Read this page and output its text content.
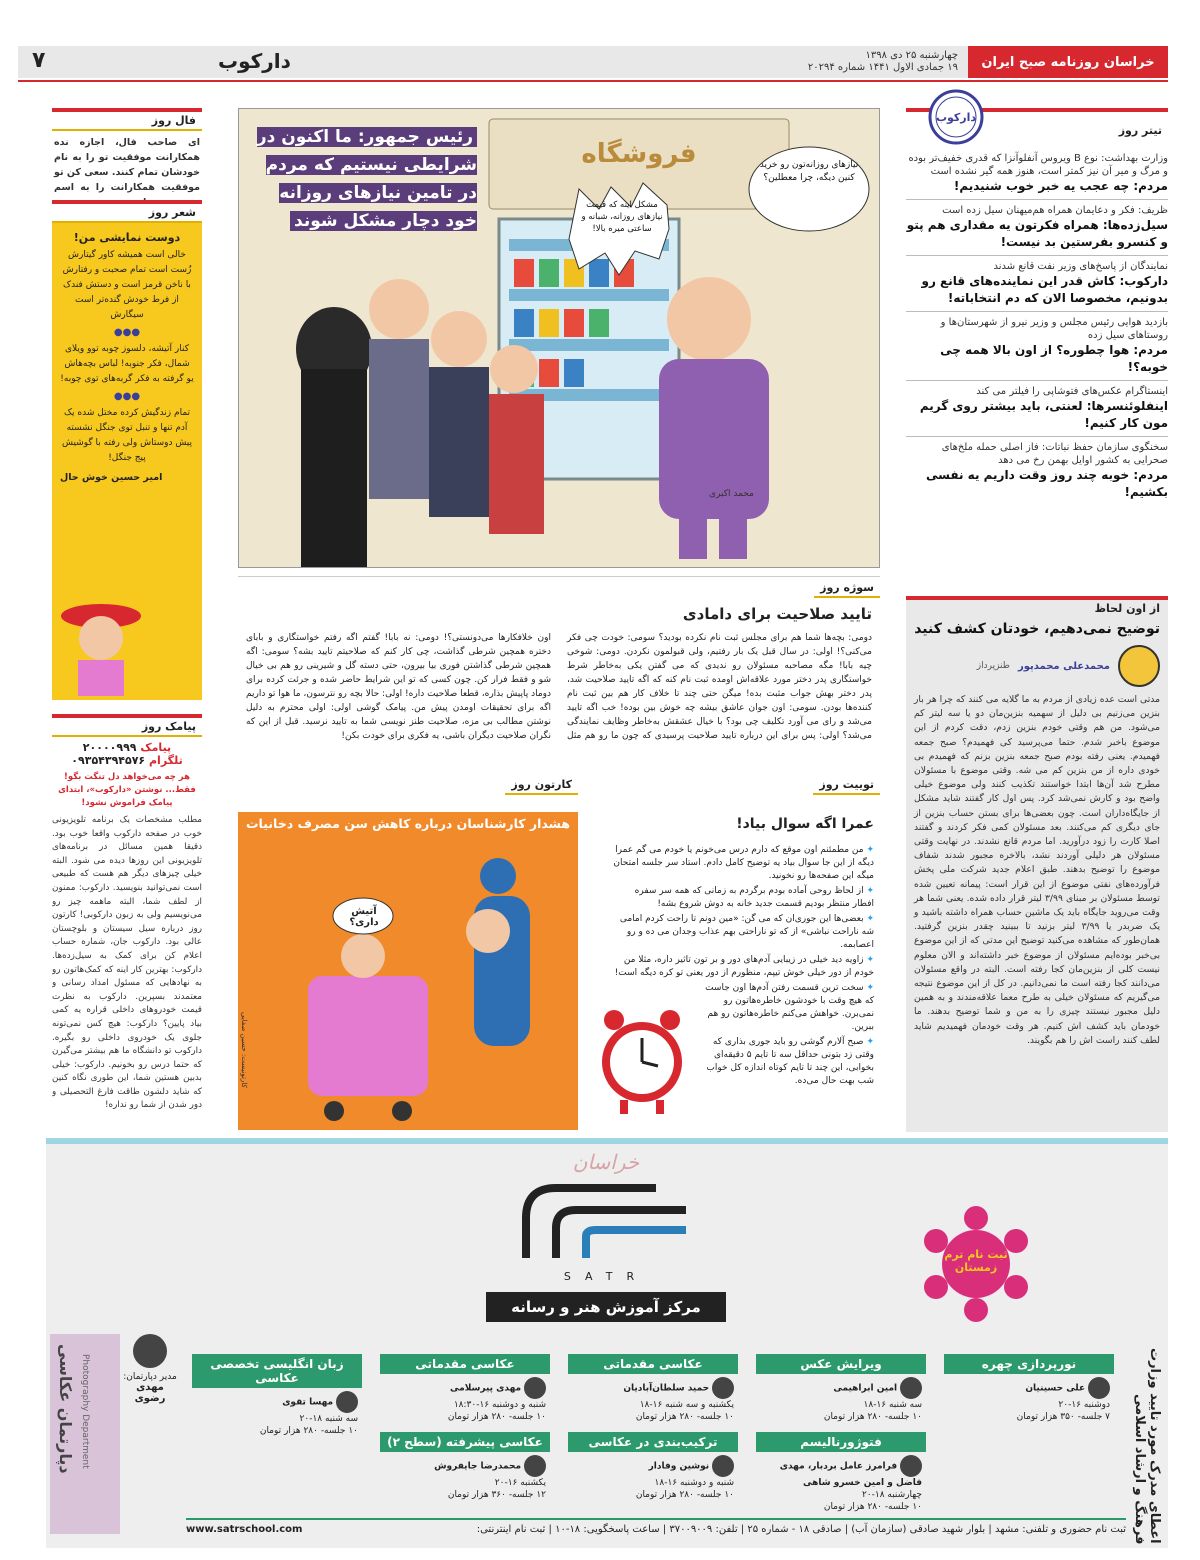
خراسان روزنامه صبح ایران
چهارشنبه ۲۵ دی ۱۳۹۸
۱۹ جمادی الاول ۱۴۴۱ شماره ۲۰۲۹۴
دارکوب
۷
تیتر روز
دارکوب
وزارت بهداشت: نوع B ویروس آنفلوآنزا که قدری خفیف‌تر بوده و مرگ و میر آن نیز کمتر است، هنوز همه گیر نشده است
مردم: چه عجب یه خبر خوب شنیدیم!
ظریف: فکر و دعایمان همراه هم‌میهنان سیل زده است
سیل‌زده‌ها: همراه فکرتون یه مقداری هم پتو و کنسرو بفرستین بد نیست!
نمایندگان از پاسخ‌های وزیر نفت قانع شدند
دارکوب: کاش قدر این نماینده‌های قانع رو بدونیم، مخصوصا الان که دم انتخاباته!
بازدید هوایی رئیس مجلس و وزیر نیرو از شهرستان‌ها و روستاهای سیل زده
مردم: هوا چطوره؟ از اون بالا همه چی خوبه؟!
اینستاگرام عکس‌های فتوشاپی را فیلتر می کند
اینفلوئنسرها: لعنتی، باید بیشتر روی گریم مون کار کنیم!
سخنگوی سازمان حفظ نباتات: فاز اصلی حمله ملخ‌های صحرایی به کشور اوایل بهمن رخ می دهد
مردم: خوبه چند روز وقت داریم یه نفسی بکشیم!
از اون لحاظ
توضیح نمی‌دهیم، خودتان کشف کنید
محمدعلی محمدپور
طنزپرداز
مدتی است عده زیادی از مردم به ما گلایه می کنند که چرا هر بار بنزین می‌زنیم بی دلیل از سهمیه بنزین‌مان دو یا سه لیتر کم می‌شود. من هم وقتی خودم بنزین زدم، دقت کردم از این موضوع باخبر شدم. حتما می‌پرسید کی فهمیدم؟ صبح جمعه فهمیدم. یعنی رفته بودم صبح جمعه بنزین بزنم که فهمیدم بی خودی داره از من بنزین کم می شه. وقتی موضوع با مسئولان مطرح شد آن‌ها ابتدا خواستند تکذیب کنند ولی موضوع خیلی واضح بود و کارش نمی‌شد کرد. پس اول کار گفتند شاید مشکل از جایگاه‌داران است. چون بعضی‌ها برای بستن حساب بنزین از جای دیگری کم می‌کنند. بعد مسئولان کمی فکر کردند و گفتند اصلا کارت را زود درآورید. اما مردم قانع نشدند. در نهایت وقتی مسئولان هر دلیلی آوردند نشد، بالاخره مجبور شدند شفاف موضوع را توضیح بدهند. طبق اعلام جدید شرکت ملی پخش فرآورده‌های نفتی موضوع از این قرار است: پیمانه تعیین شده توسط مسئولان بر مبنای ۳/۹۹ لیتر قرار داده شده. یعنی شما هر وقت می‌روید جایگاه باید یک ماشین حساب همراه داشته باشید و یک ضربدر یا ۳/۹۹ لیتر بزنید تا ببینید چقدر بنزین گرفتید. همان‌طور که مشاهده می‌کنید توضیح این مدتی که از این موضوع بی‌خبر بوده‌ایم مسئولان از موضوع خبر داشته‌اند و الان معلوم نیست کلی از بنزین‌مان کجا رفته است. البته در واقع مسئولان می‌دانند کجا رفته است ما نمی‌دانیم. در کل از این موضوع نتیجه می‌گیریم که مسئولان خیلی به طرح معما علاقه‌مندند و به همین دلیل مجبور نیستند چیزی را به من و شما توضیح بدهند. ما خودمان باید کشف اش کنیم. هر وقت خودمان فهمیدیم شاید لطف کنند راست اش را هم بگویند.
رئیس جمهور: ما اکنون در شرایطی نیستیم که مردم در تامین نیازهای روزانه خود دچار مشکل شوند
فروشگاه	نیازهای روزانه‌تون رو خرید کنین دیگه، چرا معطلین؟
مشکل اینه که قیمت نیازهای روزانه، شبانه و ساعتی میره بالا!
محمد اکبری
سوژه روز
تایید صلاحیت برای دامادی
دومی: بچه‌ها شما هم برای مجلس ثبت نام نکرده بودید؟ سومی: خودت چی فکر می‌کنی؟! اولی: در سال قبل یک بار رفتیم، ولی قبولمون نکردن. دومی: شوخی چیه بابا! مگه مصاحبه مسئولان رو ندیدی که می گفتن یکی به‌خاطر شرط خواستگاری پدر دختر مورد علاقه‌اش اومده ثبت نام کنه که اگه تایید صلاحیت شد، پدر دختر بهش جواب مثبت بده! میگن حتی چند تا خلاف کار هم بین ثبت نام کننده‌ها بودن. سومی: اون جوان عاشق بیشه چه خوش بین بوده! خب اگه تایید می‌شد و رای می آورد تکلیف چی بود؟ با خیال عشقش به‌خاطر وظایف نمایندگی می‌شد؟ اولی: پس برای این درباره تایید صلاحیت پرسیدی که چون ما رو هم مثل اون خلافکارها می‌دونستی؟! دومی: نه بابا! گفتم اگه رفتم خواستگاری و بابای دختره همچین شرطی گذاشت، چی کار کنم که صلاحیتم تایید بشه؟ سومی: اگه همچین شرطی گذاشتن فوری بیا بیرون، حتی دسته گل و شیرینی رو هم بی خیال شو و فقط فرار کن. چون کسی که تو این شرایط حاضر شده و جرئت کرده برای دوماد پاپیش بذاره، قطعا صلاحیت داره! اولی: حالا بچه رو نترسون، ما هوا تو داریم اگه برای تحقیقات اومدن پیش من. پیامک گوشی اولی: اولی محترم به دلیل نوشتن مطالب بی مزه، صلاحیت طنز نویسی شما به تایید نرسید. قبل از این که نگران صلاحیت دیگران باشی، یه فکری برای خودت بکن!
توییت روز
عمرا اگه سوال بیاد!
✦ من مطمئنم اون موقع که دارم درس می‌خونم یا خودم می گم عمرا دیگه از این جا سوال بیاد یه توضیح کامل دادم. استاد سر جلسه امتحان میگه این صفحه‌ها رو نخونید.
✦ از لحاظ روحی آماده بودم برگردم به زمانی که همه سر سفره افطار منتظر بودیم قسمت جدید خانه به دوش شروع بشه!
✦ بعضی‌ها این جوری‌ان که می گن: «مین دونم تا راحت کردم امامی شه ناراحت نباشی» از که تو ناراحتی بهم عذاب وجدان می ده و رو اعصابمه.
✦ زاویه دید خیلی در زیبایی آدم‌های دور و بر تون تاثیر داره، مثلا من خودم از دور خیلی خوش تیپم، منظورم از دور یعنی تو کره دیگه است!
✦ سخت ترین قسمت رفتن آدم‌ها اون جاست که هیچ وقت با خودشون خاطره‌هاتون رو نمی‌برن. خواهش می‌کنم خاطره‌هاتون رو هم ببرین.
✦ صبح آلارم گوشی رو باید جوری بذاری که وقتی زد بتونی حداقل سه تا تایم ۵ دقیقه‌ای بخوابی، این چند تا تایم کوتاه اندازه کل خواب شب بهت حال می‌ده.
کارتون روز
هشدار کارشناسان درباره کاهش سن مصرف دخانیات
آتیش داری؟
کارتونیست: حسین صفایی
فال روز
ای صاحب فال، اجازه نده همکارانت موفقیت تو را به نام خودشان تمام کنند. سعی کن تو موفقیت همکارانت را به اسم
شعر روز
دوست نمایشی من!
خالی است همیشه کاور گیتارش زُست است تمام صحبت و رفتارش با ناخن قرمز است و دستش فندک از فرط خودش گنده‌تر است سیگارش
●●●
کنار آتیشه، دلسوز چوبه توو ویلای شمال، فکر جنوبه! لباس بچه‌هاش یو گرفته به فکر گربه‌های توی چوبه!
●●●
تمام زندگیش کرده مختل شده یک آدم تنها و تنبل توی جنگل نشسته پیش دوستاش ولی رفته با گوشیش پیج جنگل!
امیر حسین خوش حال
پیامک روز
پیامک ۲۰۰۰۰۹۹۹
تلگرام ۰۹۳۵۴۳۹۴۵۷۶
هر چه می‌خواهد دل تنگت بگو! فقط... نوشتن «دارکوب»، ابتدای پیامک فراموش نشود!
مطلب مشخصات یک برنامه تلویزیونی خوب در صفحه دارکوب واقعا خوب بود. دقیقا همین مسائل در برنامه‌های تلویزیونی این روزها دیده می شود. البته خیلی چیزهای دیگر هم هست که طبیعی است نمی‌توانید بنویسید. دارکوب: ممنون از لطف شما، البته ماهمه چیز رو می‌نویسیم ولی به زبون دارکوبی! کارتون روز درباره سیل سیستان و بلوچستان عالی بود. دارکوب جان، شماره حساب اعلام کن برای کمک به سیل‌زده‌ها. دارکوب: بهترین کار اینه که کمک‌هاتون رو به نهادهایی که مسئول امداد رسانی و معتمدند بسپرین. دارکوب به نظرت قیمت خودروهای داخلی قراره یه کمی بیاد پایین؟ دارکوب: هیچ کس نمی‌تونه جلوی یک خودروی داخلی رو بگیره. دارکوب تو دانشگاه ما هم بیشتر می‌گیرن که حتما درس رو بخونیم. دارکوب: خیلی بدبین هستین شما، این طوری نگاه کنین که شاید دلشون طاقت فارغ التحصیلی و دور شدن از شما رو نداره!
خراسان
SATR
مرکز آموزش هنر و رسانه
ثبت نام ترم زمستان
اعطای مدرک مورد تایید وزارت فرهنگ و ارشاد اسلامی
دپارتمان عکاسی Photography Department	مدیر دپارتمان:
مهدی رضوی
نورپردازی چهره
علی حسینیان
دوشنبه ۱۶-۲۰
۷ جلسه- ۳۵۰ هزار تومان
ویرایش عکس
امین ابراهیمی
سه شنبه ۱۶-۱۸
۱۰ جلسه- ۲۸۰ هزار تومان
عکاسی مقدماتی
حمید سلطان‌آبادیان
یکشنبه و سه شنبه ۱۶-۱۸
۱۰ جلسه- ۲۸۰ هزار تومان
عکاسی مقدماتی
مهدی پیرسلامی
شنبه و دوشنبه ۱۶-۱۸:۳۰
۱۰ جلسه- ۲۸۰ هزار تومان
زبان انگلیسی تخصصی عکاسی
مهسا تقوی
سه شنبه ۱۸-۲۰
۱۰ جلسه- ۲۸۰ هزار تومان
فتوژورنالیسم
فرامرز عامل بردبار، مهدی فاضل و امین خسرو شاهی
چهارشنبه ۱۸-۲۰
۱۰ جلسه- ۲۸۰ هزار تومان
ترکیب‌بندی در عکاسی
نوشین وفادار
شنبه و دوشنبه ۱۶-۱۸
۱۰ جلسه- ۲۸۰ هزار تومان
عکاسی پیشرفته (سطح ۲)
محمدرضا جایفروش
یکشنبه ۱۶-۲۰
۱۲ جلسه- ۳۶۰ هزار تومان
ثبت نام حضوری و تلفنی: مشهد | بلوار شهید صادقی (سازمان آب) | صادقی ۱۸ - شماره ۲۵ | تلفن: ۳۷۰۰۹۰۰۹ | ساعت پاسخگویی: ۱۸-۱۰ | ثبت نام اینترنتی:
www.satrschool.com
